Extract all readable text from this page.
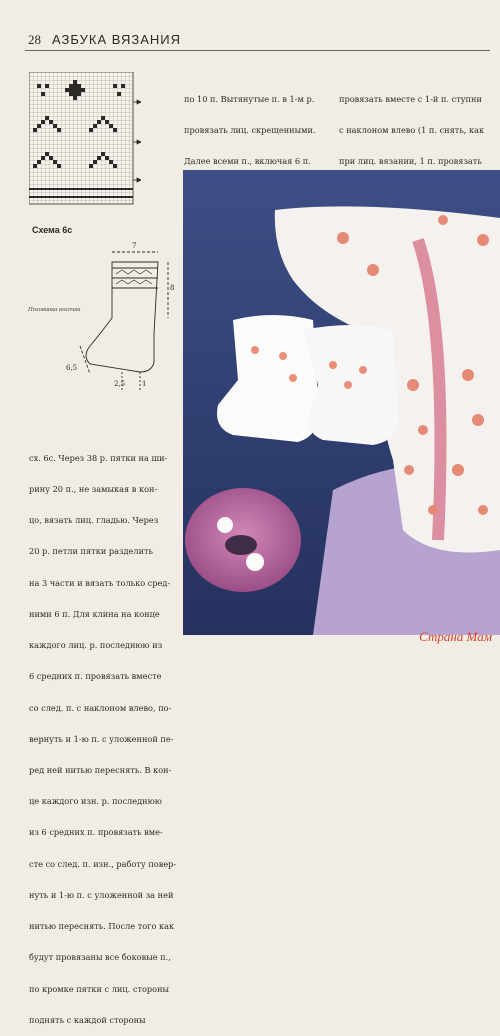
28 АЗБУКА ВЯЗАНИЯ
Схема 6с
7
8
6,5
2,5 1
Половинка носочка

по 10 п. Вытянутые п. в 1-м р.

провязать лиц. скрещенными.

Далее всеми п., включая 6 п.

провязать вместе с 1-й п. ступни

с наклоном влево (1 п. снять, как

при лиц. вязании, 1 п. провязать

сх. 6с. Через 38 р. пятки на ши-

рину 20 п., не замыкая в кон-

цо, вязать лиц. гладью. Через

20 р. петли пятки разделить

на 3 части и вязать только сред-

ними 6 п. Для клина на конце

каждого лиц. р. последнюю из

6 средних п. провязать вместе

со след. п. с наклоном влево, по-

вернуть и 1-ю п. с уложенной пе-

ред ней нитью переснять. В кон-

це каждого изн. р. последнюю

из 6 средних п. провязать вме-

сте со след. п. изн., работу повер-

нуть и 1-ю п. с уложенной за ней

нитью переснять. После того как

будут провязаны все боковые п.,

по кромке пятки с лиц. стороны

поднять с каждой стороны

Страна Мам
